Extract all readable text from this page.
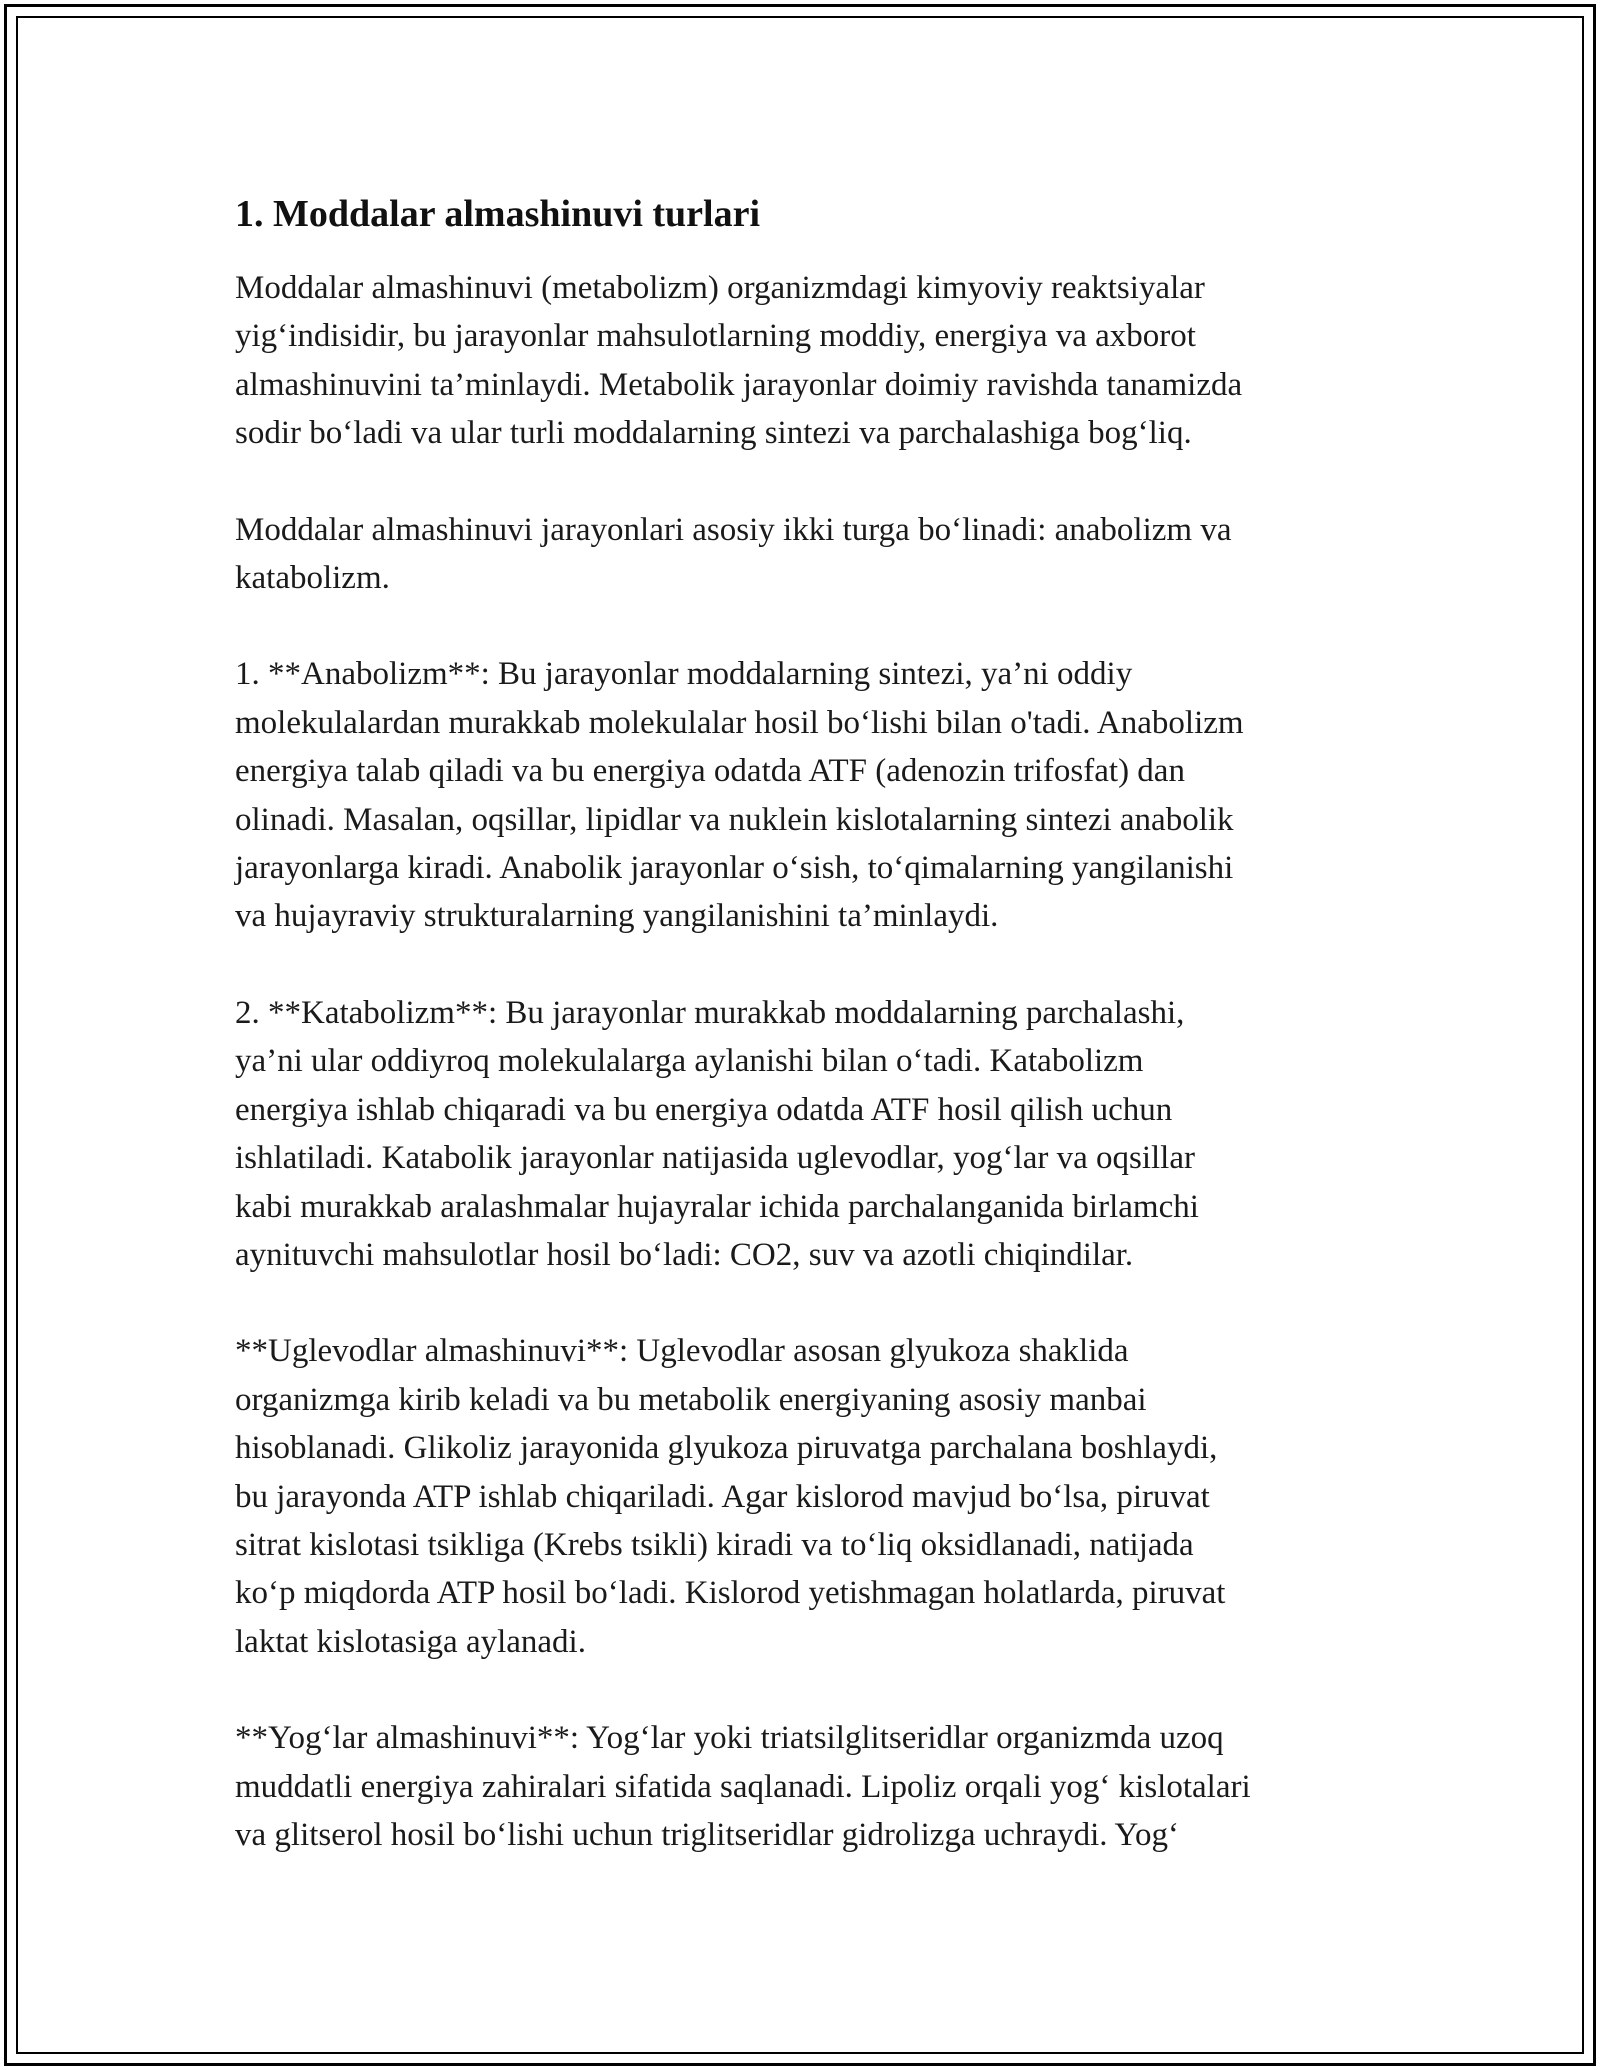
1. Moddalar almashinuvi turlari

Moddalar almashinuvi (metabolizm) organizmdagi kimyoviy reaktsiyalar
yig‘indisidir, bu jarayonlar mahsulotlarning moddiy, energiya va axborot
almashinuvini ta’minlaydi. Metabolik jarayonlar doimiy ravishda tanamizda
sodir bo‘ladi va ular turli moddalarning sintezi va parchalashiga bog‘liq.

Moddalar almashinuvi jarayonlari asosiy ikki turga bo‘linadi: anabolizm va
katabolizm.

1. **Anabolizm**: Bu jarayonlar moddalarning sintezi, ya’ni oddiy
molekulalardan murakkab molekulalar hosil bo‘lishi bilan o'tadi. Anabolizm
energiya talab qiladi va bu energiya odatda ATF (adenozin trifosfat) dan
olinadi. Masalan, oqsillar, lipidlar va nuklein kislotalarning sintezi anabolik
jarayonlarga kiradi. Anabolik jarayonlar o‘sish, to‘qimalarning yangilanishi
va hujayraviy strukturalarning yangilanishini ta’minlaydi.

2. **Katabolizm**: Bu jarayonlar murakkab moddalarning parchalashi,
ya’ni ular oddiyroq molekulalarga aylanishi bilan o‘tadi. Katabolizm
energiya ishlab chiqaradi va bu energiya odatda ATF hosil qilish uchun
ishlatiladi. Katabolik jarayonlar natijasida uglevodlar, yog‘lar va oqsillar
kabi murakkab aralashmalar hujayralar ichida parchalanganida birlamchi
aynituvchi mahsulotlar hosil bo‘ladi: CO2, suv va azotli chiqindilar.

**Uglevodlar almashinuvi**: Uglevodlar asosan glyukoza shaklida
organizmga kirib keladi va bu metabolik energiyaning asosiy manbai
hisoblanadi. Glikoliz jarayonida glyukoza piruvatga parchalana boshlaydi,
bu jarayonda ATP ishlab chiqariladi. Agar kislorod mavjud bo‘lsa, piruvat
sitrat kislotasi tsikliga (Krebs tsikli) kiradi va to‘liq oksidlanadi, natijada
ko‘p miqdorda ATP hosil bo‘ladi. Kislorod yetishmagan holatlarda, piruvat
laktat kislotasiga aylanadi.

**Yog‘lar almashinuvi**: Yog‘lar yoki triatsilglitseridlar organizmda uzoq
muddatli energiya zahiralari sifatida saqlanadi. Lipoliz orqali yog‘ kislotalari
va glitserol hosil bo‘lishi uchun triglitseridlar gidrolizga uchraydi. Yog‘
